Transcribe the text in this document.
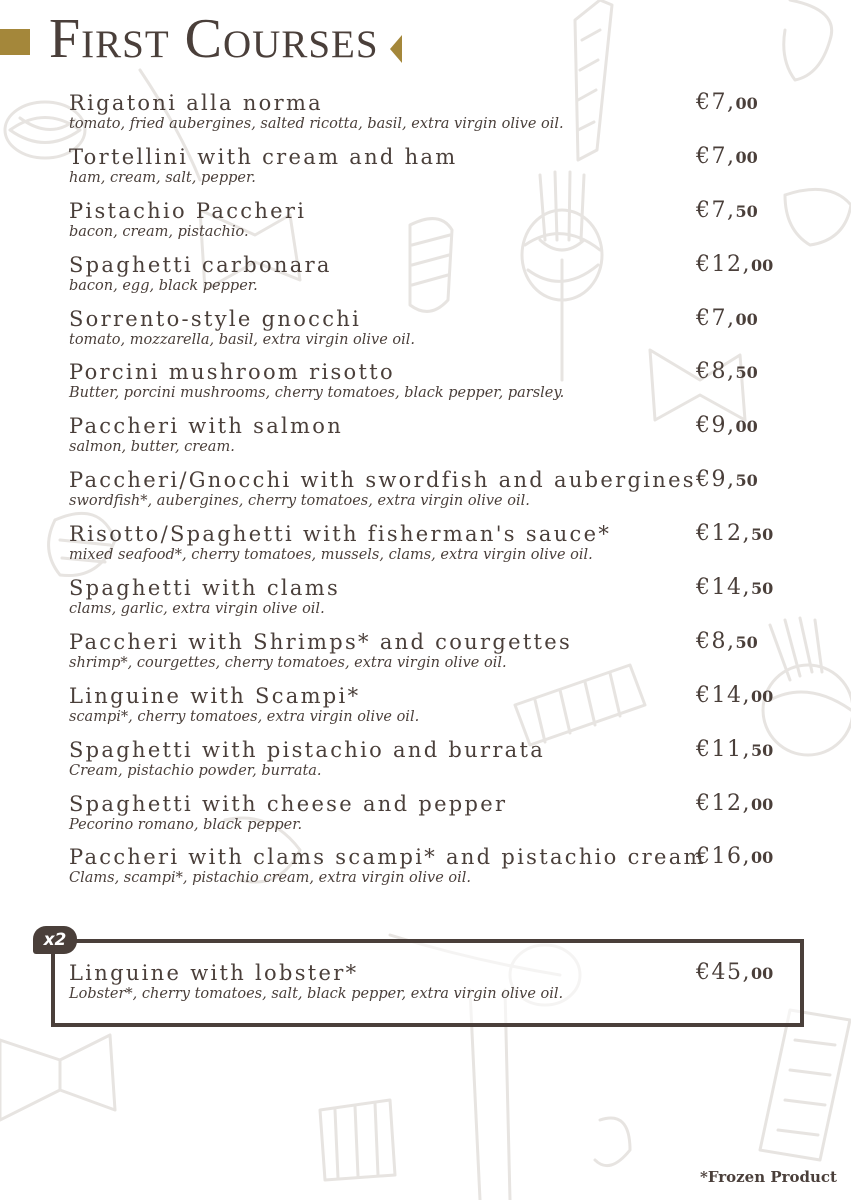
First Courses
Rigatoni alla norma
tomato, fried aubergines, salted ricotta, basil, extra virgin olive oil.
€7,00
Tortellini with cream and ham
ham, cream, salt, pepper.
€7,00
Pistachio Paccheri
bacon, cream, pistachio.
€7,50
Spaghetti carbonara
bacon, egg, black pepper.
€12,00
Sorrento-style gnocchi
tomato, mozzarella, basil, extra virgin olive oil.
€7,00
Porcini mushroom risotto
Butter, porcini mushrooms, cherry tomatoes, black pepper, parsley.
€8,50
Paccheri with salmon
salmon, butter, cream.
€9,00
Paccheri/Gnocchi with swordfish and aubergines
swordfish*, aubergines, cherry tomatoes, extra virgin olive oil.
€9,50
Risotto/Spaghetti with fisherman's sauce*
mixed seafood*, cherry tomatoes, mussels, clams, extra virgin olive oil.
€12,50
Spaghetti with clams
clams, garlic, extra virgin olive oil.
€14,50
Paccheri with Shrimps* and courgettes
shrimp*, courgettes, cherry tomatoes, extra virgin olive oil.
€8,50
Linguine with Scampi*
scampi*, cherry tomatoes, extra virgin olive oil.
€14,00
Spaghetti with pistachio and burrata
Cream, pistachio powder, burrata.
€11,50
Spaghetti with cheese and pepper
Pecorino romano, black pepper.
€12,00
Paccheri with clams scampi* and pistachio cream
Clams, scampi*, pistachio cream, extra virgin olive oil.
€16,00
x2
Linguine with lobster*
Lobster*, cherry tomatoes, salt, black pepper, extra virgin olive oil.
€45,00
*Frozen Product
